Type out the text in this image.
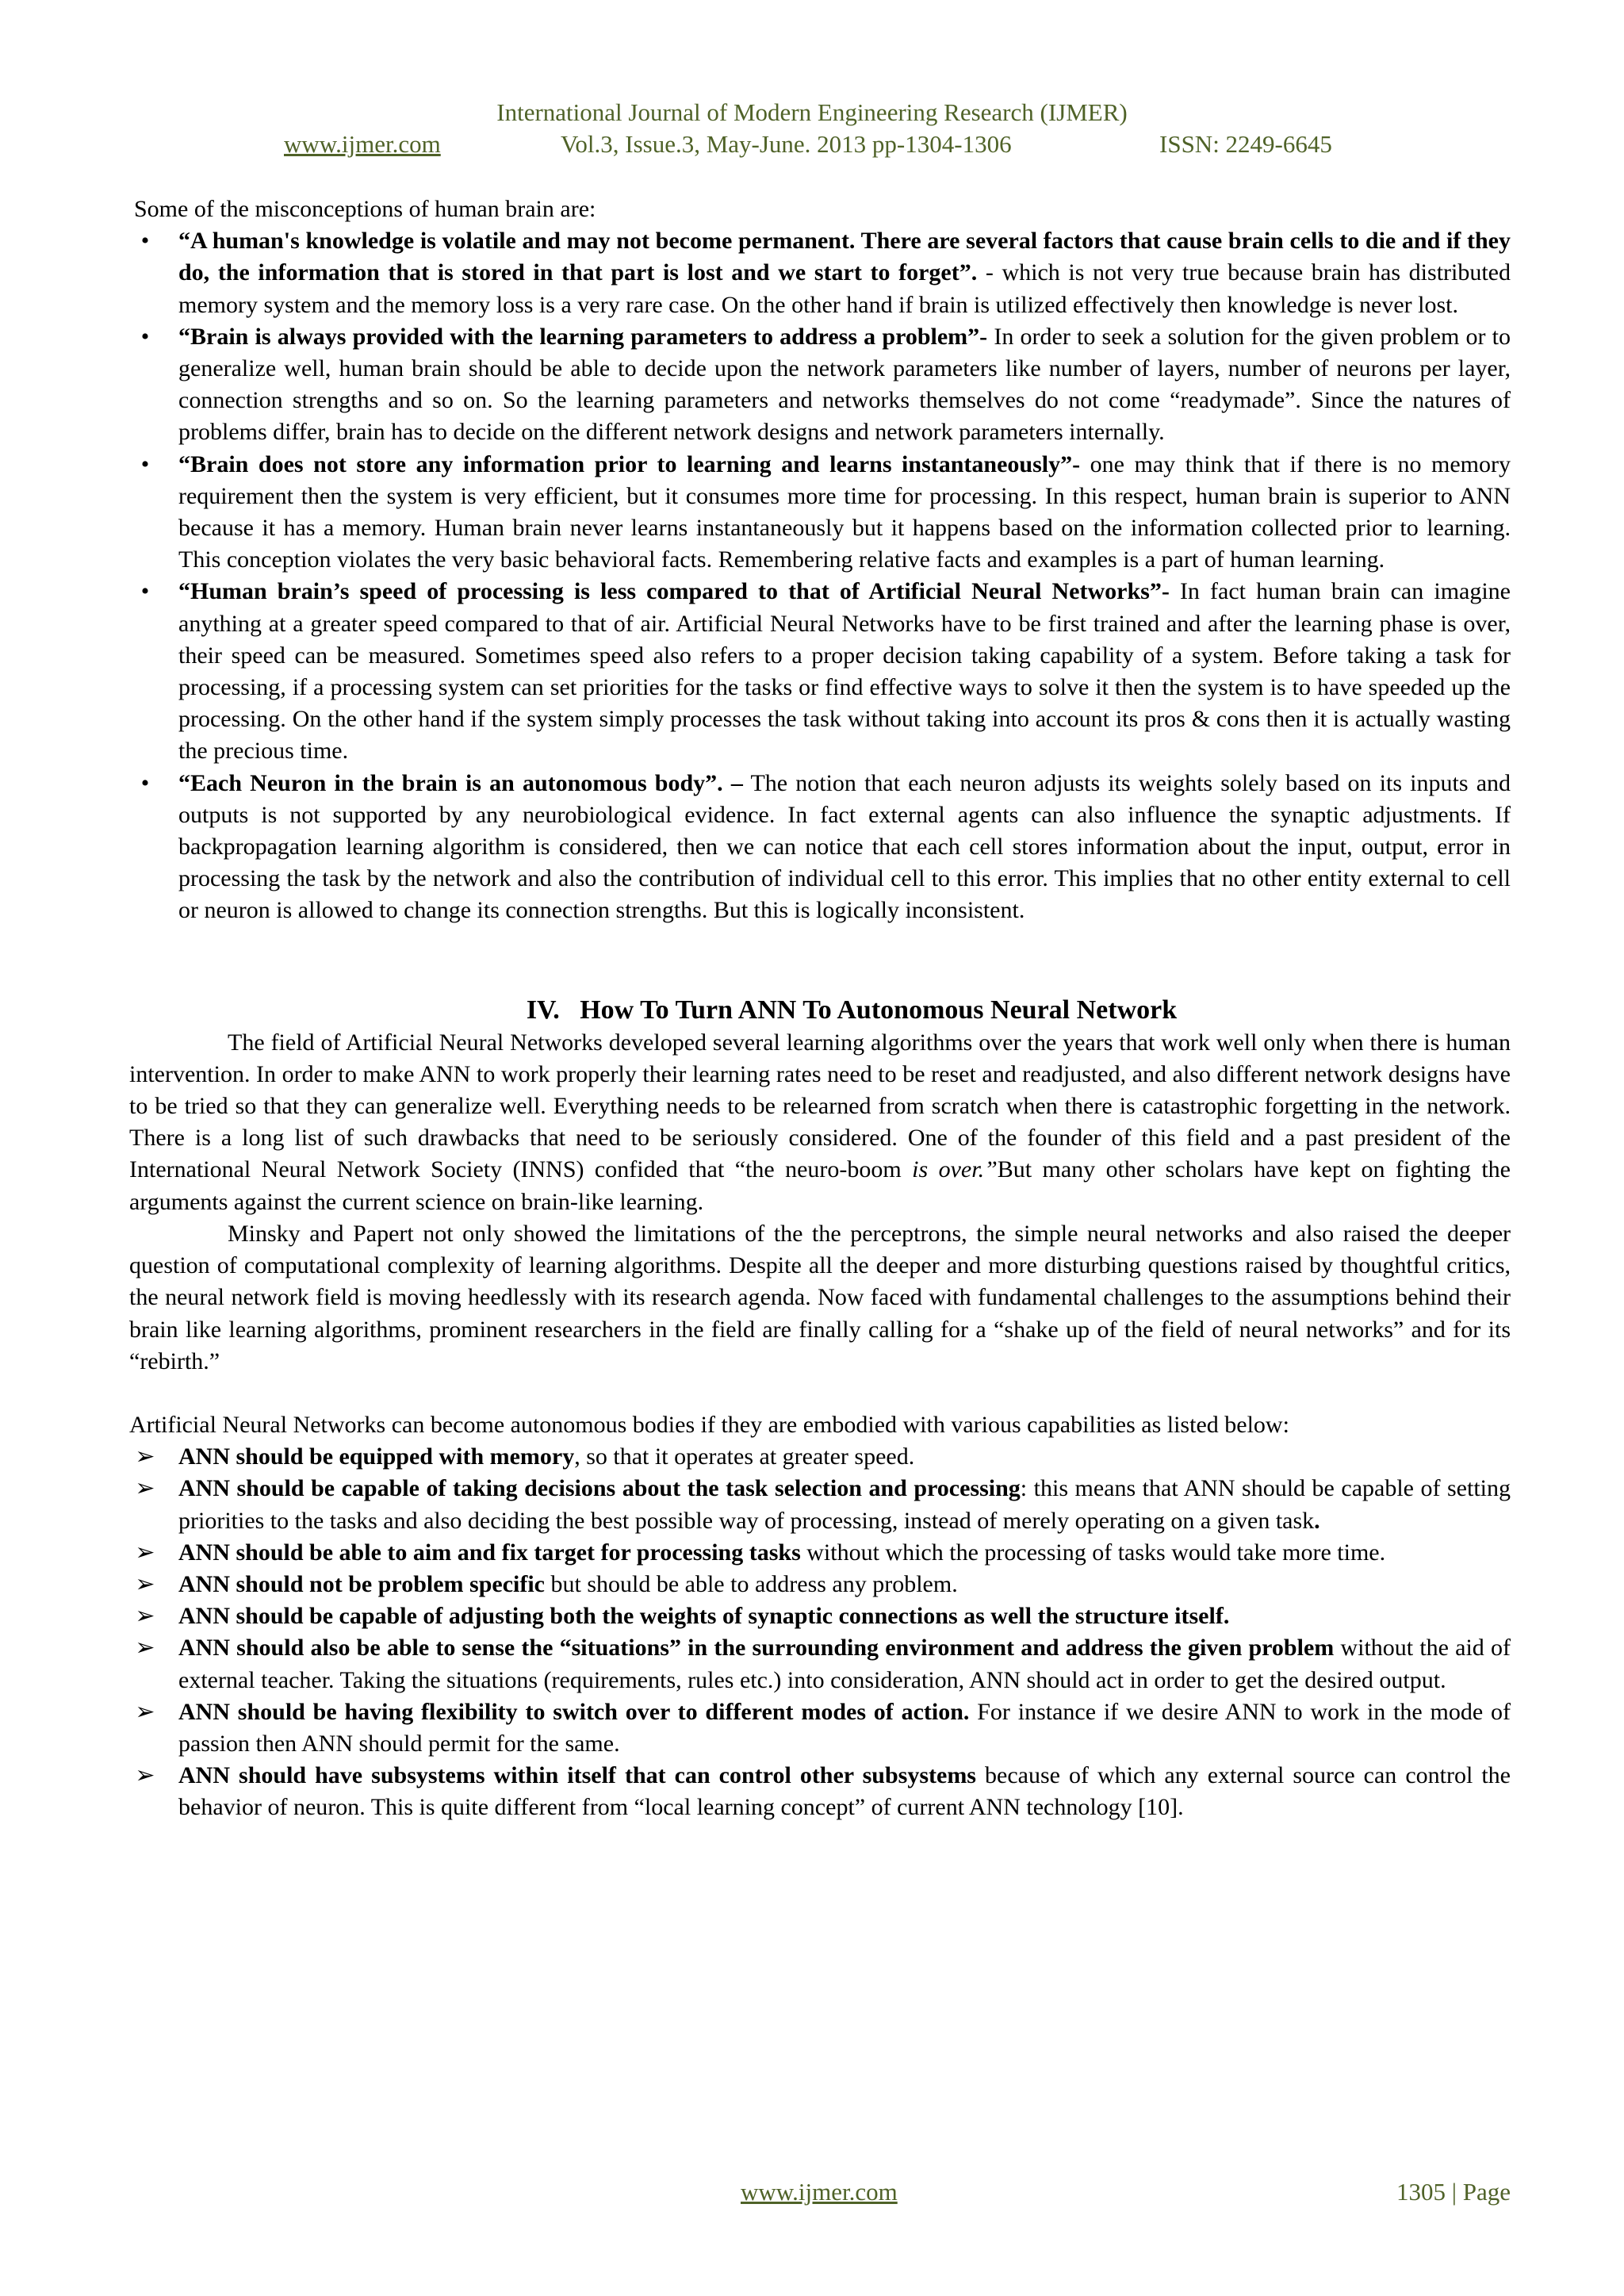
International Journal of Modern Engineering Research (IJMER)
www.ijmer.com	Vol.3, Issue.3, May-June. 2013 pp-1304-1306	ISSN: 2249-6645

Some of the misconceptions of human brain are:

•	“A human's knowledge is volatile and may not become permanent. There are several factors that cause brain cells to die and if they do, the information that is stored in that part is lost and we start to forget”. - which is not very true because brain has distributed memory system and the memory loss is a very rare case. On the other hand if brain is utilized effectively then knowledge is never lost.
•	“Brain is always provided with the learning parameters to address a problem”- In order to seek a solution for the given problem or to generalize well, human brain should be able to decide upon the network parameters like number of layers, number of neurons per layer, connection strengths and so on. So the learning parameters and networks themselves do not come “readymade”. Since the natures of problems differ, brain has to decide on the different network designs and network parameters internally.
•	“Brain does not store any information prior to learning and learns instantaneously”- one may think that if there is no memory requirement then the system is very efficient, but it consumes more time for processing. In this respect, human brain is superior to ANN because it has a memory. Human brain never learns instantaneously but it happens based on the information collected prior to learning. This conception violates the very basic behavioral facts. Remembering relative facts and examples is a part of human learning.
•	“Human brain’s speed of processing is less compared to that of Artificial Neural Networks”- In fact human brain can imagine anything at a greater speed compared to that of air. Artificial Neural Networks have to be first trained and after the learning phase is over, their speed can be measured. Sometimes speed also refers to a proper decision taking capability of a system. Before taking a task for processing, if a processing system can set priorities for the tasks or find effective ways to solve it then the system is to have speeded up the processing. On the other hand if the system simply processes the task without taking into account its pros & cons then it is actually wasting the precious time.
•	“Each Neuron in the brain is an autonomous body”. – The notion that each neuron adjusts its weights solely based on its inputs and outputs is not supported by any neurobiological evidence. In fact external agents can also influence the synaptic adjustments. If backpropagation learning algorithm is considered, then we can notice that each cell stores information about the input, output, error in processing the task by the network and also the contribution of individual cell to this error. This implies that no other entity external to cell or neuron is allowed to change its connection strengths. But this is logically inconsistent.
IV. How To Turn ANN To Autonomous Neural Network

The field of Artificial Neural Networks developed several learning algorithms over the years that work well only when there is human intervention. In order to make ANN to work properly their learning rates need to be reset and readjusted, and also different network designs have to be tried so that they can generalize well. Everything needs to be relearned from scratch when there is catastrophic forgetting in the network. There is a long list of such drawbacks that need to be seriously considered. One of the founder of this field and a past president of the International Neural Network Society (INNS) confided that “the neuro-boom is over.”But many other scholars have kept on fighting the arguments against the current science on brain-like learning.

Minsky and Papert not only showed the limitations of the the perceptrons, the simple neural networks and also raised the deeper question of computational complexity of learning algorithms. Despite all the deeper and more disturbing questions raised by thoughtful critics, the neural network field is moving heedlessly with its research agenda. Now faced with fundamental challenges to the assumptions behind their brain like learning algorithms, prominent researchers in the field are finally calling for a “shake up of the field of neural networks” and for its “rebirth.”

Artificial Neural Networks can become autonomous bodies if they are embodied with various capabilities as listed below:

➢ ANN should be equipped with memory, so that it operates at greater speed.
➢ ANN should be capable of taking decisions about the task selection and processing: this means that ANN should be capable of setting priorities to the tasks and also deciding the best possible way of processing, instead of merely operating on a given task.
➢ ANN should be able to aim and fix target for processing tasks without which the processing of tasks would take more time.
➢ ANN should not be problem specific but should be able to address any problem.
➢ ANN should be capable of adjusting both the weights of synaptic connections as well the structure itself.
➢ ANN should also be able to sense the “situations” in the surrounding environment and address the given problem without the aid of external teacher. Taking the situations (requirements, rules etc.) into consideration, ANN should act in order to get the desired output.
➢ ANN should be having flexibility to switch over to different modes of action. For instance if we desire ANN to work in the mode of passion then ANN should permit for the same.
➢ ANN should have subsystems within itself that can control other subsystems because of which any external source can control the behavior of neuron. This is quite different from “local learning concept” of current ANN technology [10].
www.ijmer.com	1305 | Page
